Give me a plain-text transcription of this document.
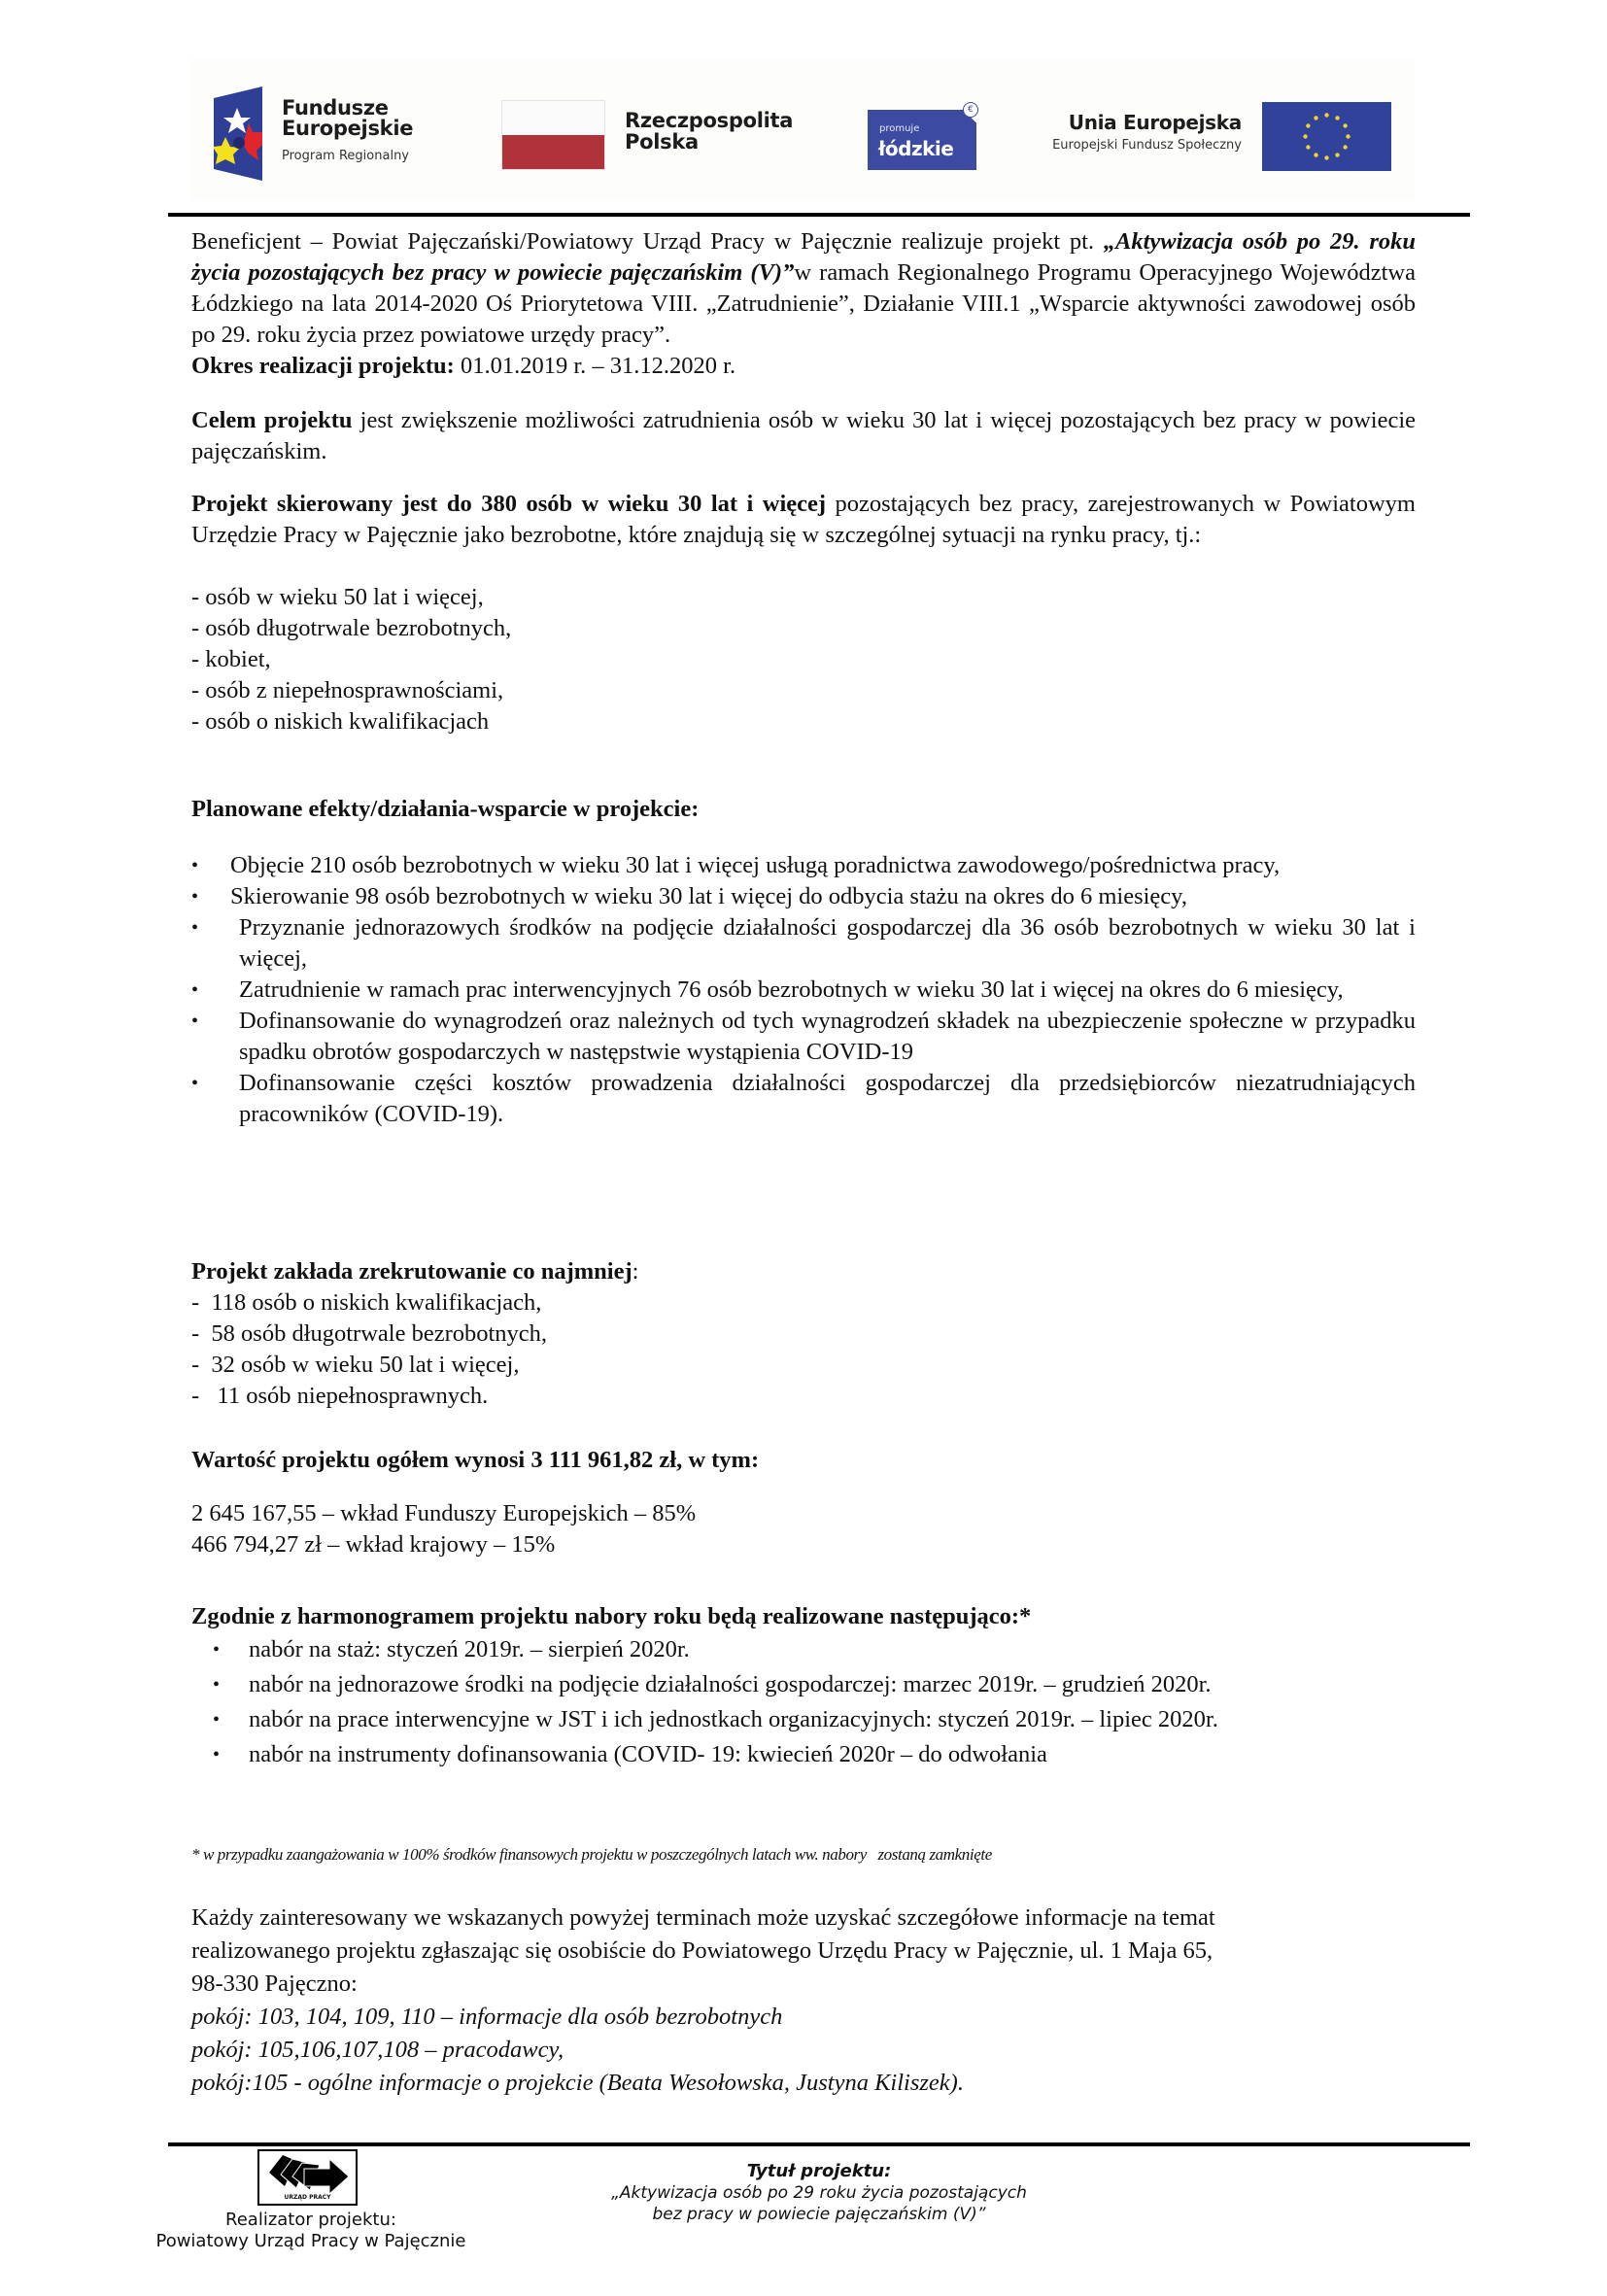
Fundusze
Europejskie
Program Regionalny
Rzeczpospolita
Polska
promuje
łódzkie
€
Unia Europejska
Europejski Fundusz Społeczny
Beneficjent – Powiat Pajęczański/Powiatowy Urząd Pracy w Pajęcznie realizuje projekt pt. „Aktywizacja osób po 29. roku życia pozostających bez pracy w powiecie pajęczańskim (V)”w ramach Regionalnego Programu Operacyjnego Województwa Łódzkiego na lata 2014-2020 Oś Priorytetowa VIII. „Zatrudnienie”, Działanie VIII.1 „Wsparcie aktywności zawodowej osób po 29. roku życia przez powiatowe urzędy pracy”.
Okres realizacji projektu: 01.01.2019 r. – 31.12.2020 r.
Celem projektu jest zwiększenie możliwości zatrudnienia osób w wieku 30 lat i więcej pozostających bez pracy w powiecie pajęczańskim.
Projekt skierowany jest do 380 osób w wieku 30 lat i więcej pozostających bez pracy, zarejestrowanych w Powiatowym Urzędzie Pracy w Pajęcznie jako bezrobotne, które znajdują się w szczególnej sytuacji na rynku pracy, tj.:
- osób w wieku 50 lat i więcej,
- osób długotrwale bezrobotnych,
- kobiet,
- osób z niepełnosprawnościami,
- osób o niskich kwalifikacjach
Planowane efekty/działania-wsparcie w projekcie:
• Objęcie 210 osób bezrobotnych w wieku 30 lat i więcej usługą poradnictwa zawodowego/pośrednictwa pracy,
• Skierowanie 98 osób bezrobotnych w wieku 30 lat i więcej do odbycia stażu na okres do 6 miesięcy,
• Przyznanie jednorazowych środków na podjęcie działalności gospodarczej dla 36 osób bezrobotnych w wieku 30 lat i więcej,
• Zatrudnienie w ramach prac interwencyjnych 76 osób bezrobotnych w wieku 30 lat i więcej na okres do 6 miesięcy,
• Dofinansowanie do wynagrodzeń oraz należnych od tych wynagrodzeń składek na ubezpieczenie społeczne w przypadku spadku obrotów gospodarczych w następstwie wystąpienia COVID-19
• Dofinansowanie części kosztów prowadzenia działalności gospodarczej dla przedsiębiorców niezatrudniających pracowników (COVID-19).
Projekt zakłada zrekrutowanie co najmniej:
-  118 osób o niskich kwalifikacjach,
-  58 osób długotrwale bezrobotnych,
-  32 osób w wieku 50 lat i więcej,
-   11 osób niepełnosprawnych.
Wartość projektu ogółem wynosi 3 111 961,82 zł, w tym:
2 645 167,55 – wkład Funduszy Europejskich – 85%
466 794,27 zł – wkład krajowy – 15%
Zgodnie z harmonogramem projektu nabory roku będą realizowane następująco:*
• nabór na staż: styczeń 2019r. – sierpień 2020r.
• nabór na jednorazowe środki na podjęcie działalności gospodarczej: marzec 2019r. – grudzień 2020r.
• nabór na prace interwencyjne w JST i ich jednostkach organizacyjnych: styczeń 2019r. – lipiec 2020r.
• nabór na instrumenty dofinansowania (COVID- 19: kwiecień 2020r – do odwołania
* w przypadku zaangażowania w 100% środków finansowych projektu w poszczególnych latach ww. nabory   zostaną zamknięte
Każdy zainteresowany we wskazanych powyżej terminach może uzyskać szczegółowe informacje na temat
realizowanego projektu zgłaszając się osobiście do Powiatowego Urzędu Pracy w Pajęcznie, ul. 1 Maja 65,
98-330 Pajęczno:
pokój: 103, 104, 109, 110 – informacje dla osób bezrobotnych
pokój: 105,106,107,108 – pracodawcy,
pokój:105 - ogólne informacje o projekcie (Beata Wesołowska, Justyna Kiliszek).
URZĄD PRACY
Realizator projektu:
Powiatowy Urząd Pracy w Pajęcznie
Tytuł projektu:
„Aktywizacja osób po 29 roku życia pozostających
bez pracy w powiecie pajęczańskim (V)”
